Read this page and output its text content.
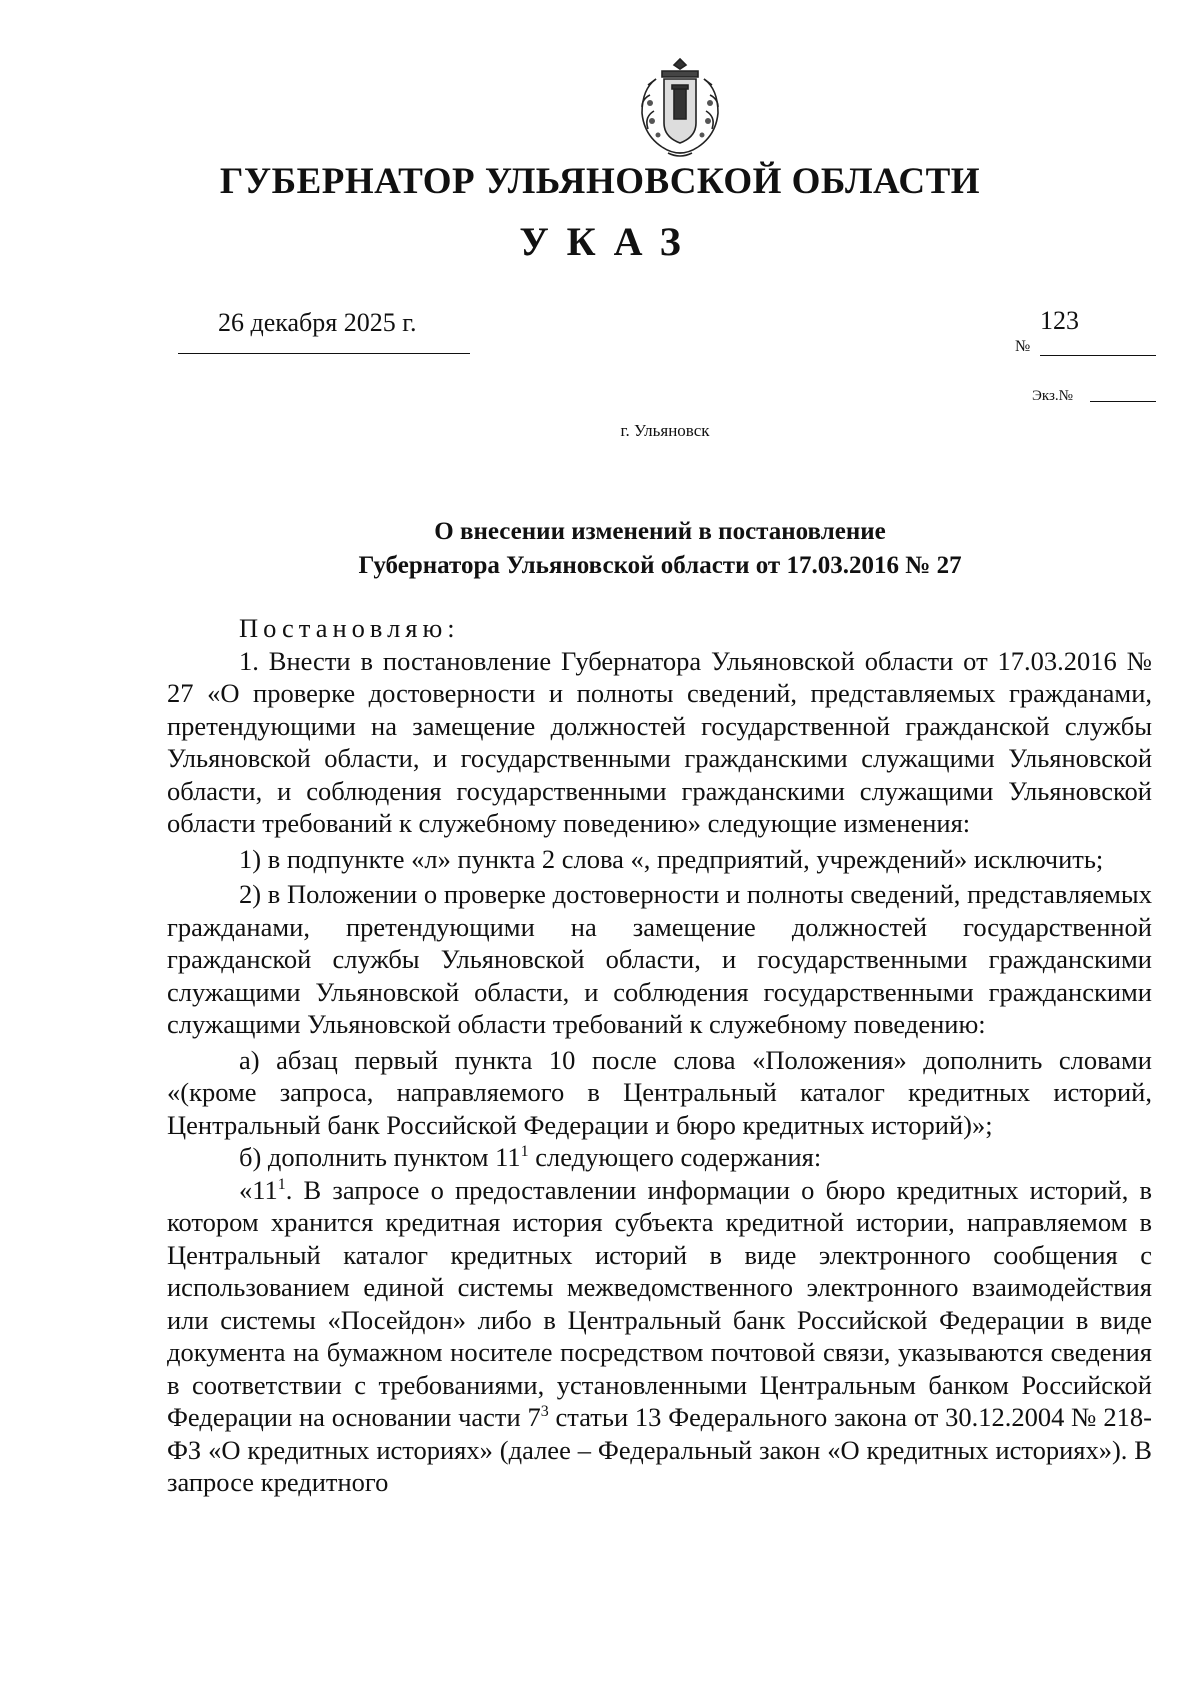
ГУБЕРНАТОР УЛЬЯНОВСКОЙ ОБЛАСТИ
УКАЗ
26 декабря 2025 г.	123
№
Экз.№
г. Ульяновск
О внесении изменений в постановление
Губернатора Ульяновской области от 17.03.2016 № 27

Постановляю:

1. Внести в постановление Губернатора Ульяновской области от 17.03.2016 № 27 «О проверке достоверности и полноты сведений, представляемых гражданами, претендующими на замещение должностей государственной гражданской службы Ульяновской области, и государственными гражданскими служащими Ульяновской области, и соблюдения государственными гражданскими служащими Ульяновской области требований к служебному поведению» следующие изменения:

1) в подпункте «л» пункта 2 слова «, предприятий, учреждений» исключить;

2) в Положении о проверке достоверности и полноты сведений, представляемых гражданами, претендующими на замещение должностей государственной гражданской службы Ульяновской области, и государственными гражданскими служащими Ульяновской области, и соблюдения государственными гражданскими служащими Ульяновской области требований к служебному поведению:

а) абзац первый пункта 10 после слова «Положения» дополнить словами «(кроме запроса, направляемого в Центральный каталог кредитных историй, Центральный банк Российской Федерации и бюро кредитных историй)»;

б) дополнить пунктом $11^1$ следующего содержания:

«$11^1$. В запросе о предоставлении информации о бюро кредитных историй, в котором хранится кредитная история субъекта кредитной истории, направляемом в Центральный каталог кредитных историй в виде электронного сообщения с использованием единой системы межведомственного электронного взаимодействия или системы «Посейдон» либо в Центральный банк Российской Федерации в виде документа на бумажном носителе посредством почтовой связи, указываются сведения в соответствии с требованиями, установленными Центральным банком Российской Федерации на основании части $7^3$ статьи 13 Федерального закона от 30.12.2004 № 218-ФЗ «О кредитных историях» (далее – Федеральный закон «О кредитных историях»). В запросе кредитного
